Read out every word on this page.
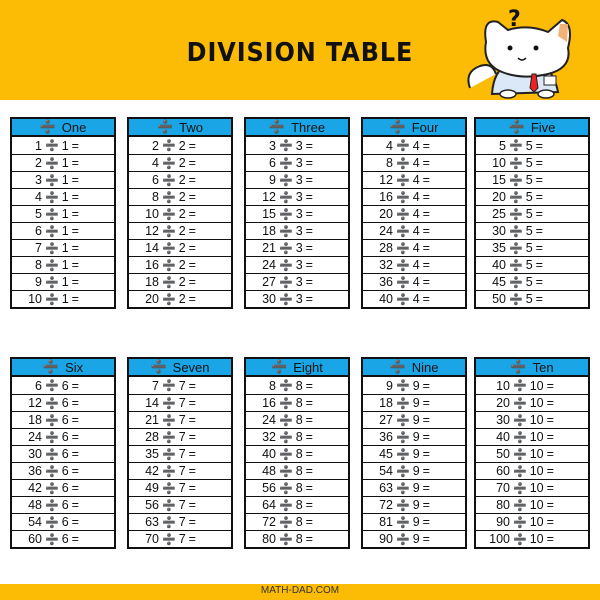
DIVISION TABLE
?
➗ One
1 ➗ 1 =
2 ➗ 1 =
3 ➗ 1 =
4 ➗ 1 =
5 ➗ 1 =
6 ➗ 1 =
7 ➗ 1 =
8 ➗ 1 =
9 ➗ 1 =
10 ➗ 1 =
➗ Two
2 ➗ 2 =
4 ➗ 2 =
6 ➗ 2 =
8 ➗ 2 =
10 ➗ 2 =
12 ➗ 2 =
14 ➗ 2 =
16 ➗ 2 =
18 ➗ 2 =
20 ➗ 2 =
➗ Three
3 ➗ 3 =
6 ➗ 3 =
9 ➗ 3 =
12 ➗ 3 =
15 ➗ 3 =
18 ➗ 3 =
21 ➗ 3 =
24 ➗ 3 =
27 ➗ 3 =
30 ➗ 3 =
➗ Four
4 ➗ 4 =
8 ➗ 4 =
12 ➗ 4 =
16 ➗ 4 =
20 ➗ 4 =
24 ➗ 4 =
28 ➗ 4 =
32 ➗ 4 =
36 ➗ 4 =
40 ➗ 4 =
➗ Five
5 ➗ 5 =
10 ➗ 5 =
15 ➗ 5 =
20 ➗ 5 =
25 ➗ 5 =
30 ➗ 5 =
35 ➗ 5 =
40 ➗ 5 =
45 ➗ 5 =
50 ➗ 5 =
➗ Six
6 ➗ 6 =
12 ➗ 6 =
18 ➗ 6 =
24 ➗ 6 =
30 ➗ 6 =
36 ➗ 6 =
42 ➗ 6 =
48 ➗ 6 =
54 ➗ 6 =
60 ➗ 6 =
➗ Seven
7 ➗ 7 =
14 ➗ 7 =
21 ➗ 7 =
28 ➗ 7 =
35 ➗ 7 =
42 ➗ 7 =
49 ➗ 7 =
56 ➗ 7 =
63 ➗ 7 =
70 ➗ 7 =
➗ Eight
8 ➗ 8 =
16 ➗ 8 =
24 ➗ 8 =
32 ➗ 8 =
40 ➗ 8 =
48 ➗ 8 =
56 ➗ 8 =
64 ➗ 8 =
72 ➗ 8 =
80 ➗ 8 =
➗ Nine
9 ➗ 9 =
18 ➗ 9 =
27 ➗ 9 =
36 ➗ 9 =
45 ➗ 9 =
54 ➗ 9 =
63 ➗ 9 =
72 ➗ 9 =
81 ➗ 9 =
90 ➗ 9 =
➗ Ten
10 ➗ 10 =
20 ➗ 10 =
30 ➗ 10 =
40 ➗ 10 =
50 ➗ 10 =
60 ➗ 10 =
70 ➗ 10 =
80 ➗ 10 =
90 ➗ 10 =
100 ➗ 10 =
MATH-DAD.COM
